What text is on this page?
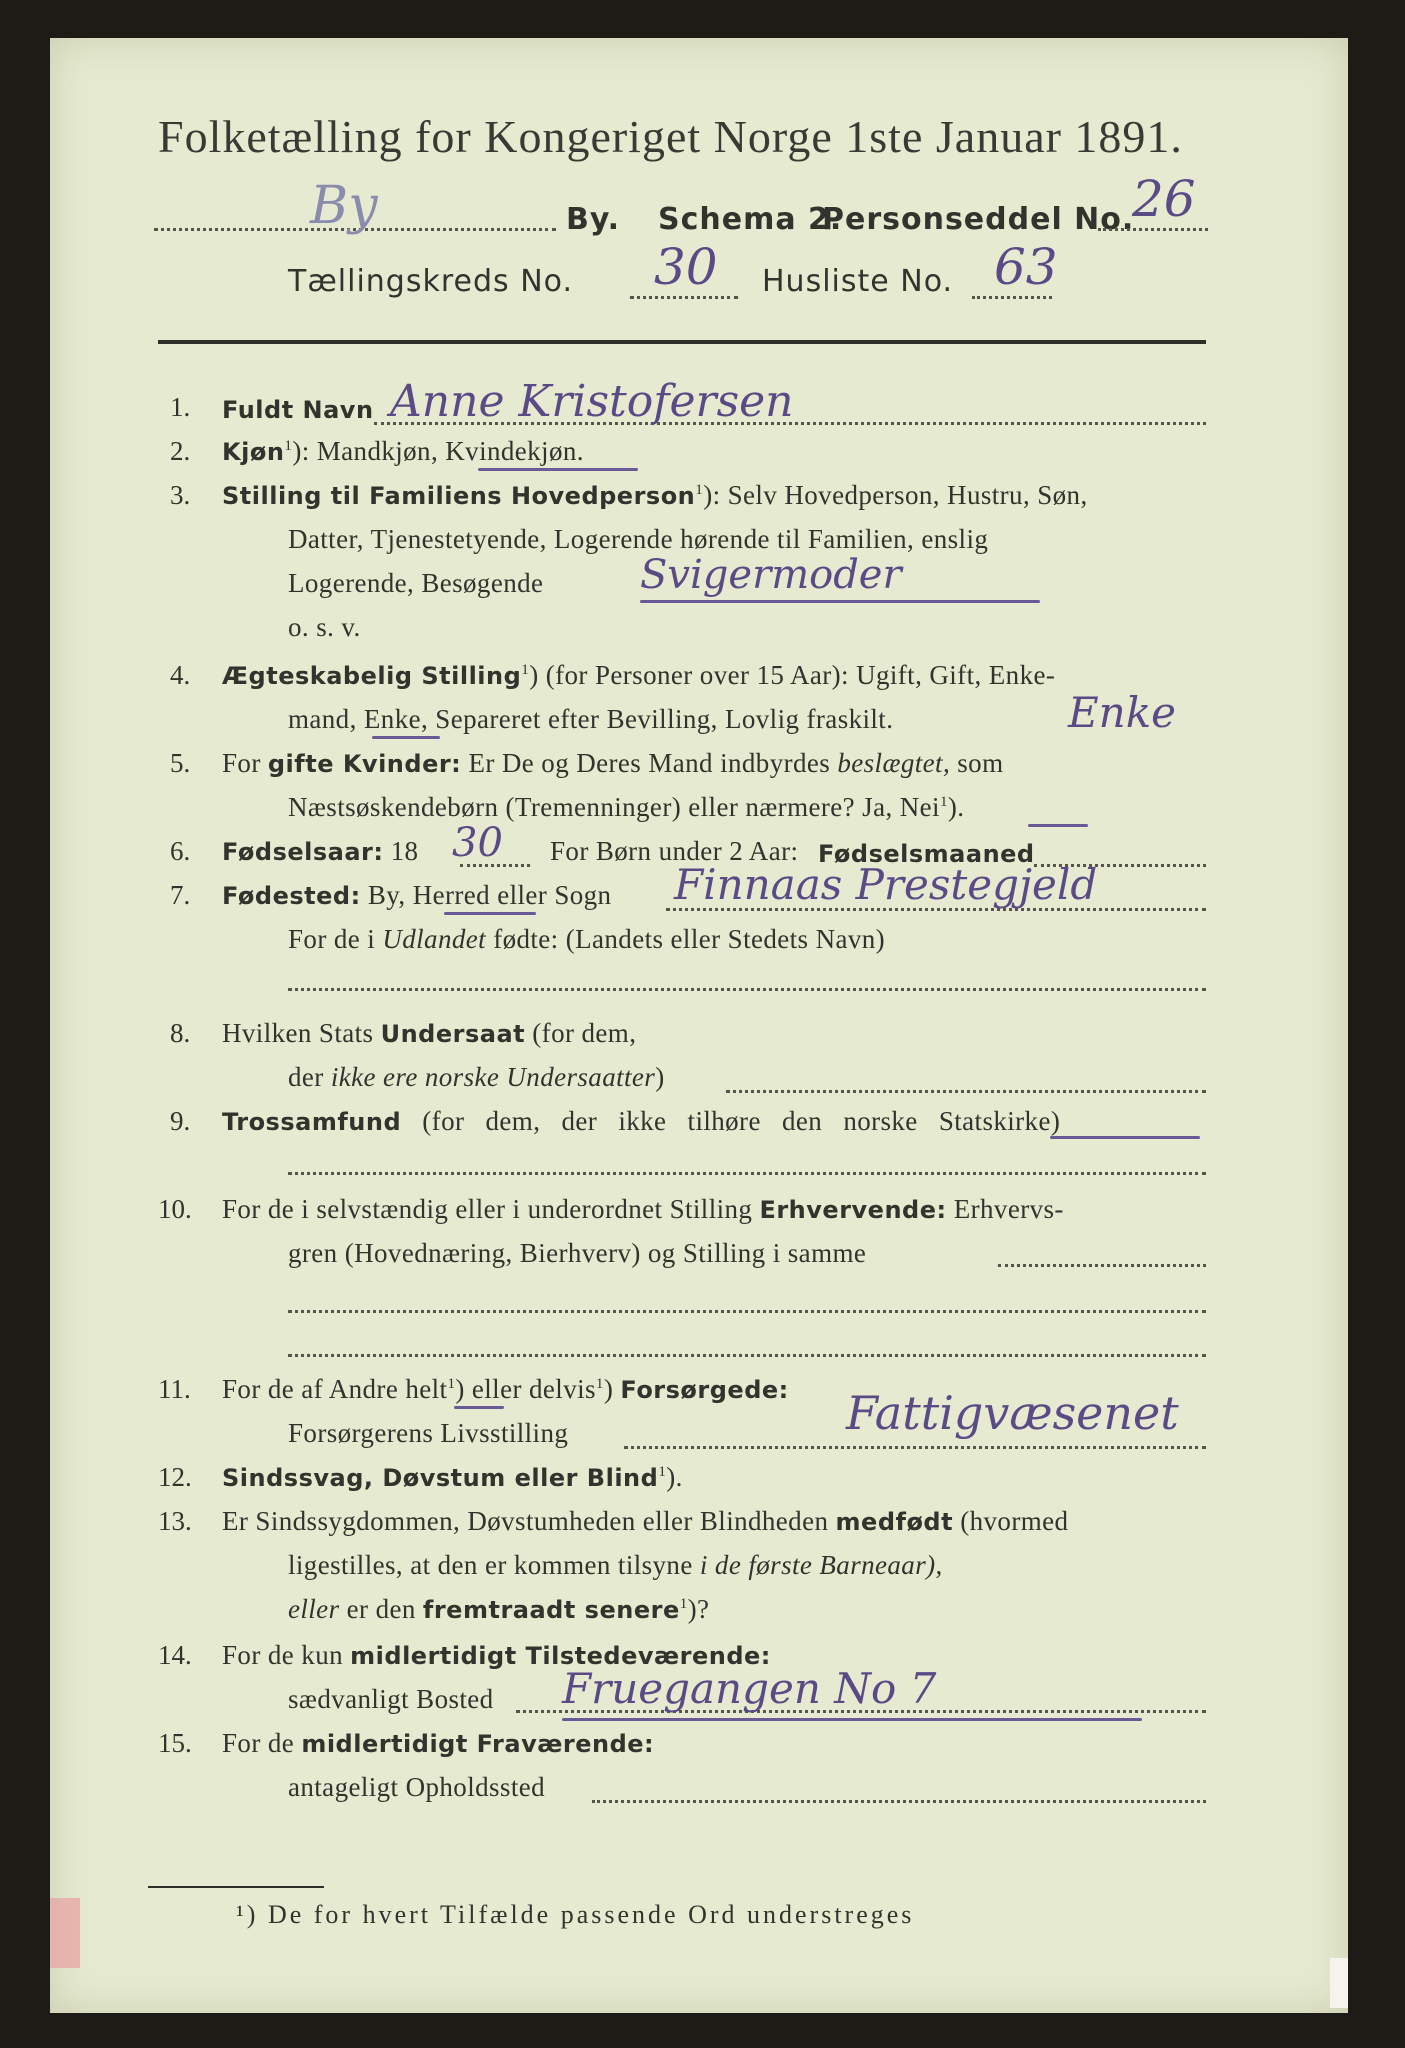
Folketælling for Kongeriget Norge 1ste Januar 1891.
By	By. Schema 2.
Personseddel No.
26
Tællingskreds No. 30 Husliste No. 63
1. Fuldt Navn Anne Kristofersen
2. Kjøn$^1$): Mandkjøn, Kvindekjøn.
3. Stilling til Familiens Hovedperson$^1$): Selv Hovedperson, Hustru, Søn,
Datter, Tjenestetyende, Logerende hørende til Familien, enslig
Logerende, Besøgende Svigermoder
o. s. v.
4. Ægteskabelig Stilling$^1$) (for Personer over 15 Aar): Ugift, Gift, Enke-
mand, Enke, Separeret efter Bevilling, Lovlig fraskilt.	Enke
5. For gifte Kvinder: Er De og Deres Mand indbyrdes beslægtet, som
Næstsøskendebørn (Tremenninger) eller nærmere? Ja, Nei$^1$).
6. Fødselsaar: 18 30 For Børn under 2 Aar: Fødselsmaaned
7. Fødested: By, Herred eller Sogn Finnaas Prestegjeld
For de i Udlandet fødte: (Landets eller Stedets Navn)
8. Hvilken Stats Undersaat (for dem,
der ikke ere norske Undersaatter)
9. Trossamfund (for dem, der ikke tilhøre den norske Statskirke)
10. For de i selvstændig eller i underordnet Stilling Erhvervende: Erhvervs-
gren (Hovednæring, Bierhverv) og Stilling i samme
11. For de af Andre helt$^1$) eller delvis$^1$) Forsørgede:
Forsørgerens Livsstilling	Fattigvæsenet
12. Sindssvag, Døvstum eller Blind$^1$).
13. Er Sindssygdommen, Døvstumheden eller Blindheden medfødt (hvormed
ligestilles, at den er kommen tilsyne i de første Barneaar),
eller er den fremtraadt senere$^1$)?
14. For de kun midlertidigt Tilstedeværende:
sædvanligt Bosted Fruegangen No 7
15. For de midlertidigt Fraværende:
antageligt Opholdssted
¹) De for hvert Tilfælde passende Ord understreges
